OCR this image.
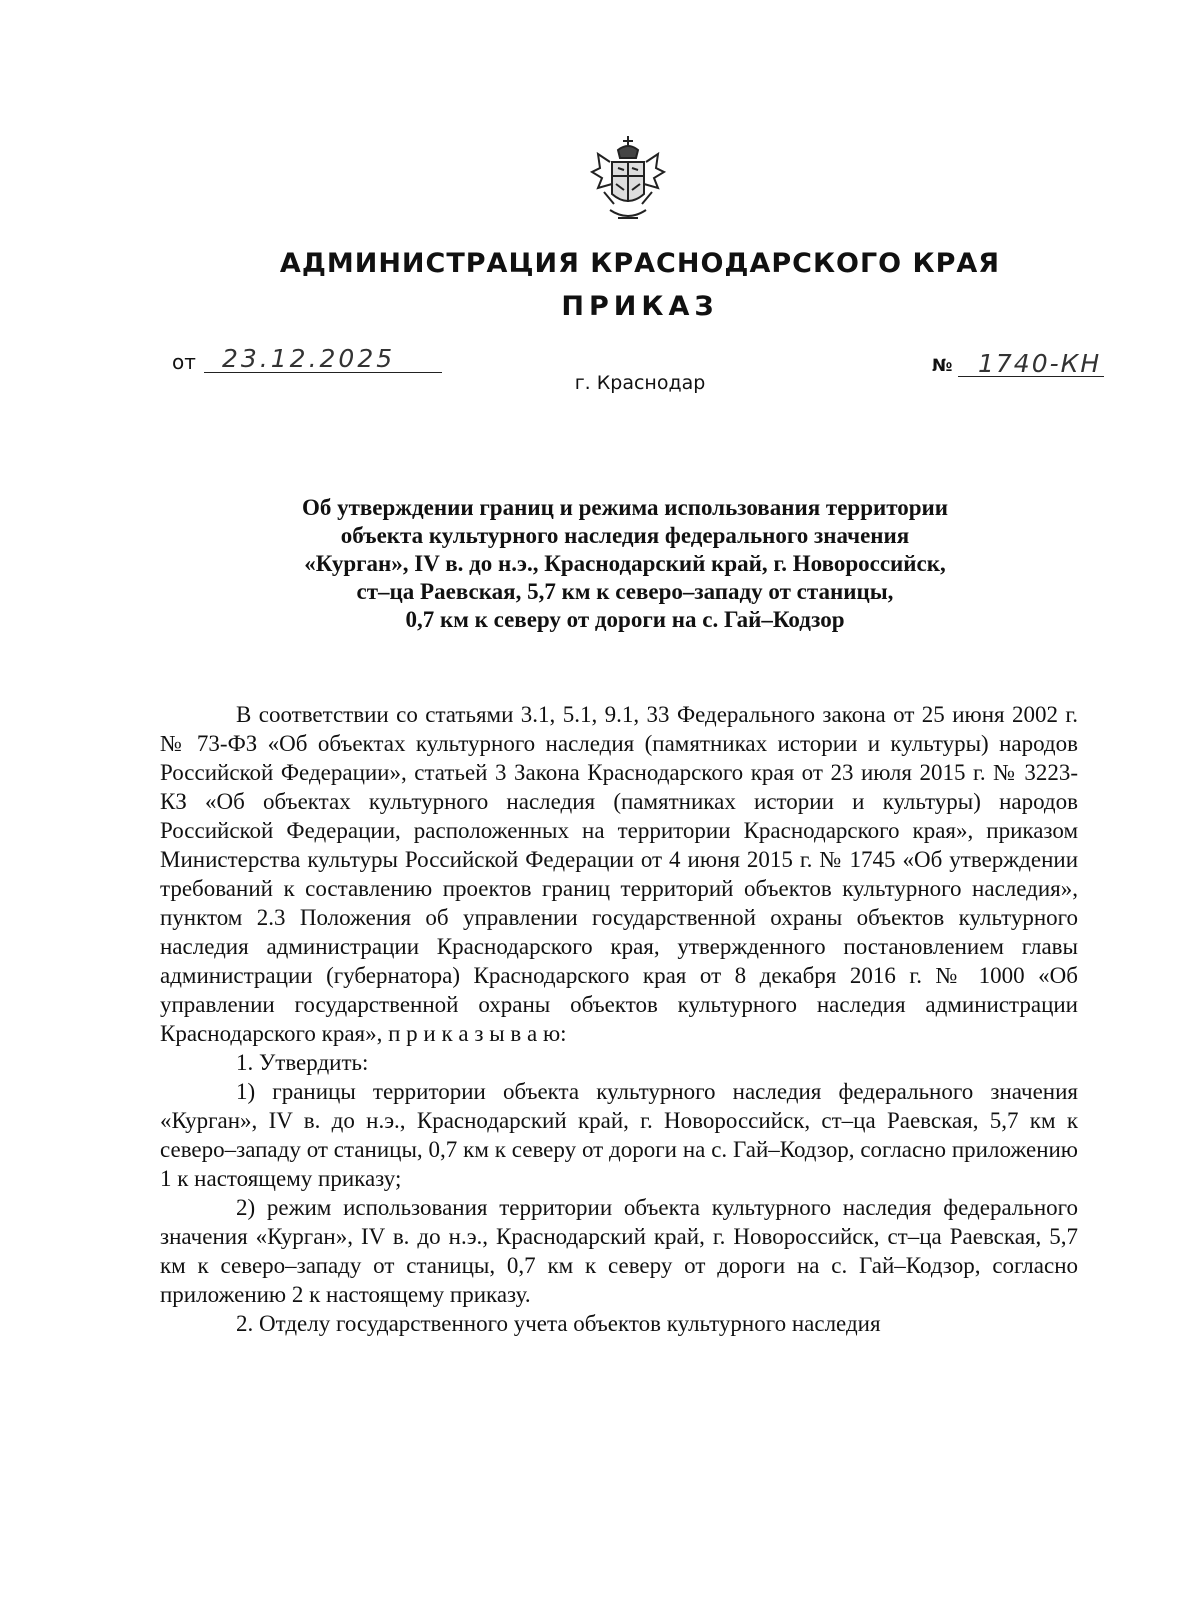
АДМИНИСТРАЦИЯ КРАСНОДАРСКОГО КРАЯ
ПРИКАЗ
от 23.12.2025
г. Краснодар
№ 1740-КН
Об утверждении границ и режима использования территории
объекта культурного наследия федерального значения
«Курган», IV в. до н.э., Краснодарский край, г. Новороссийск,
ст–ца Раевская, 5,7 км к северо–западу от станицы,
0,7 км к северу от дороги на с. Гай–Кодзор

В соответствии со статьями 3.1, 5.1, 9.1, 33 Федерального закона от 25 июня 2002 г. № 73-ФЗ «Об объектах культурного наследия (памятниках истории и культуры) народов Российской Федерации», статьей 3 Закона Краснодарского края от 23 июля 2015 г. № 3223-КЗ «Об объектах культурного наследия (памятниках истории и культуры) народов Российской Федерации, расположенных на территории Краснодарского края», приказом Министерства культуры Российской Федерации от 4 июня 2015 г. № 1745 «Об утверждении требований к составлению проектов границ территорий объектов культурного наследия», пунктом 2.3 Положения об управлении государственной охраны объектов культурного наследия администрации Краснодарского края, утвержденного постановлением главы администрации (губернатора) Краснодарского края от 8 декабря 2016 г. № 1000 «Об управлении государственной охраны объектов культурного наследия администрации Краснодарского края», п р и к а з ы в а ю:

1. Утвердить:

1) границы территории объекта культурного наследия федерального значения «Курган», IV в. до н.э., Краснодарский край, г. Новороссийск, ст–ца Раевская, 5,7 км к северо–западу от станицы, 0,7 км к северу от дороги на с. Гай–Кодзор, согласно приложению 1 к настоящему приказу;

2) режим использования территории объекта культурного наследия федерального значения «Курган», IV в. до н.э., Краснодарский край, г. Новороссийск, ст–ца Раевская, 5,7 км к северо–западу от станицы, 0,7 км к северу от дороги на с. Гай–Кодзор, согласно приложению 2 к настоящему приказу.

2. Отделу государственного учета объектов культурного наследия
